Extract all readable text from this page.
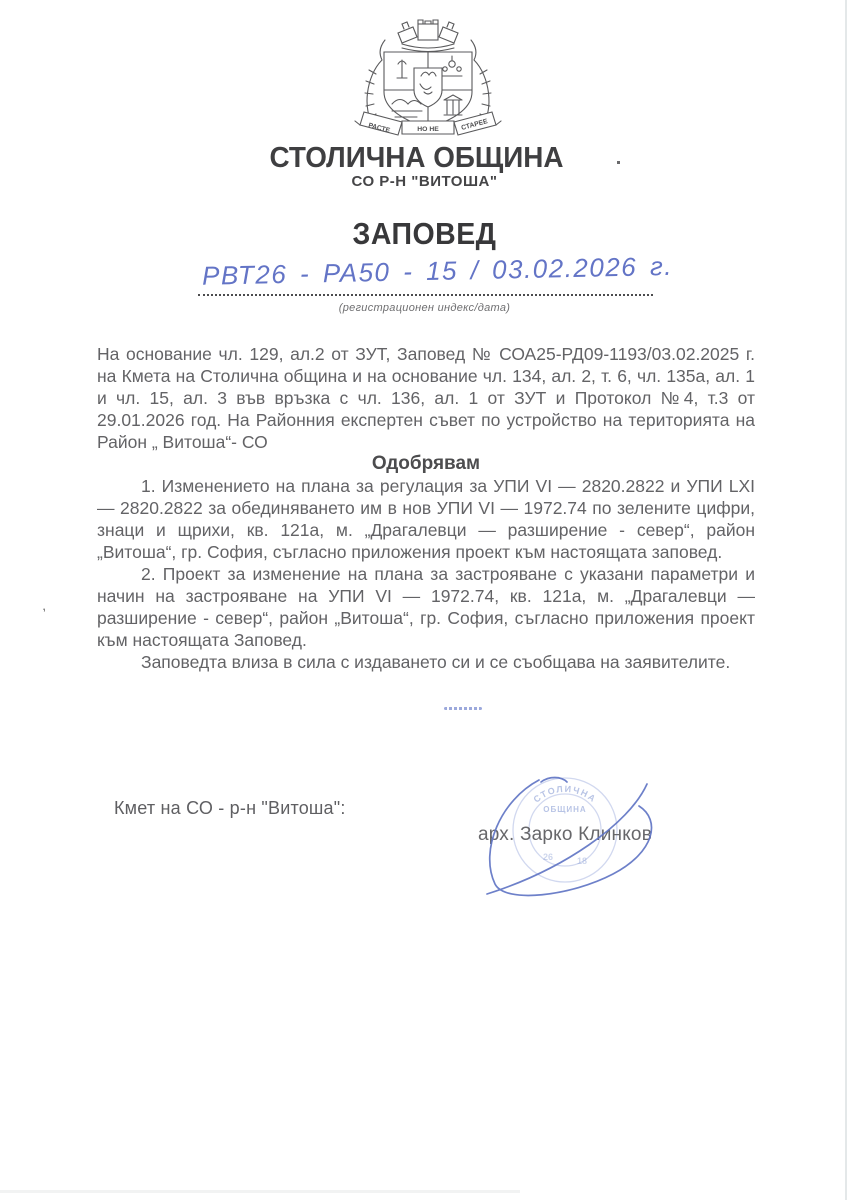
‚
РАСТЕ	НО НЕ	СТАРЕЕ
СТОЛИЧНА ОБЩИНА
СО Р-Н "ВИТОША"
ЗАПОВЕД
РВТ26 - РА50 - 15 / 03.02.2026 г.
(регистрационен индекс/дата)

На основание чл. 129, ал.2 от ЗУТ, Заповед № СОА25-РД09-1193/03.02.2025 г. на Кмета на Столична община и на основание чл. 134, ал. 2, т. 6, чл. 135а, ал. 1 и чл. 15, ал. 3 във връзка с чл. 136, ал. 1 от ЗУТ и Протокол №4, т.3 от 29.01.2026 год. На Районния експертен съвет по устройство на територията на Район „ Витоша“- СО

Одобрявам

1. Изменението на плана за регулация за УПИ VI — 2820.2822 и УПИ LXI — 2820.2822 за обединяването им в нов УПИ VI — 1972.74 по зелените цифри, знаци и щрихи, кв. 121а, м. „Драгалевци — разширение - север“, район „Витоша“, гр. София, съгласно приложения проект към настоящата заповед.

2. Проект за изменение на плана за застрояване с указани параметри и начин на застрояване на УПИ VI — 1972.74, кв. 121а, м. „Драгалевци — разширение - север“, район „Витоша“, гр. София, съгласно приложения проект към настоящата Заповед.

Заповедта влиза в сила с издаването си и се съобщава на заявителите.

Кмет на СО - р-н "Витоша":	СТОЛИЧНА
ОБЩИНА
26	18
арх. Зарко Клинков
